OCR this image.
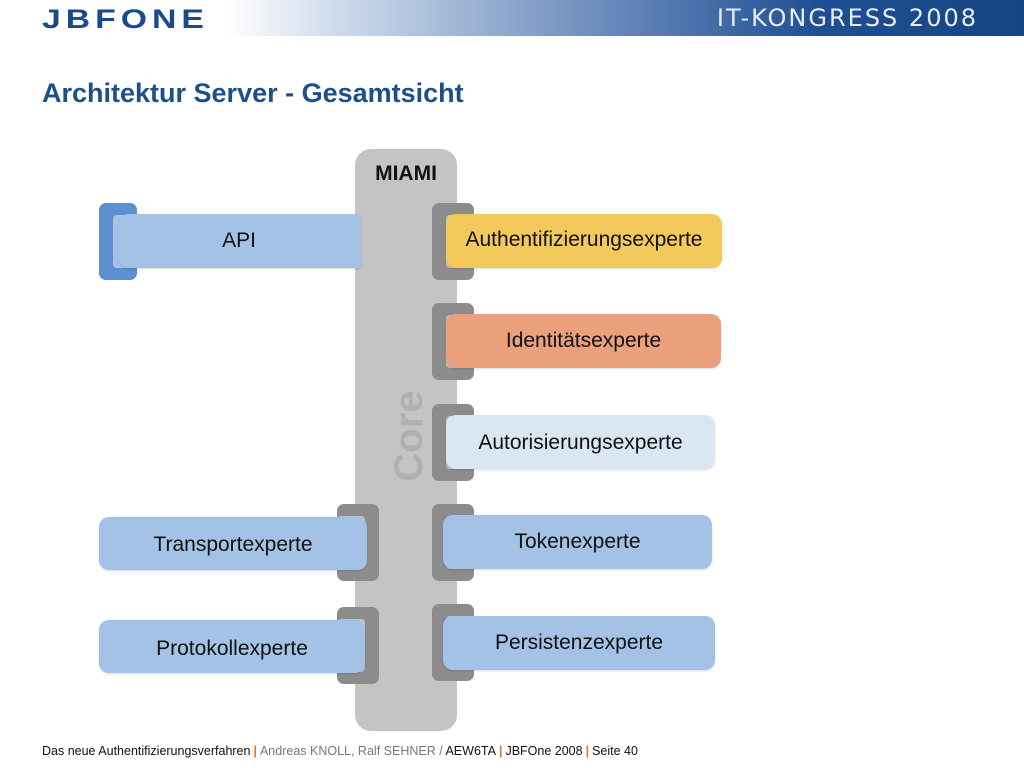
JBFONE	IT-KONGRESS 2008
Architektur Server - Gesamtsicht
MIAMI
Core
API
Transportexperte
Protokollexperte
Authentifizierungsexperte
Identitätsexperte
Autorisierungsexperte
Tokenexperte
Persistenzexperte
Das neue Authentifizierungsverfahren | Andreas KNOLL, Ralf SEHNER / AEW6TA | JBFOne 2008 | Seite 40
